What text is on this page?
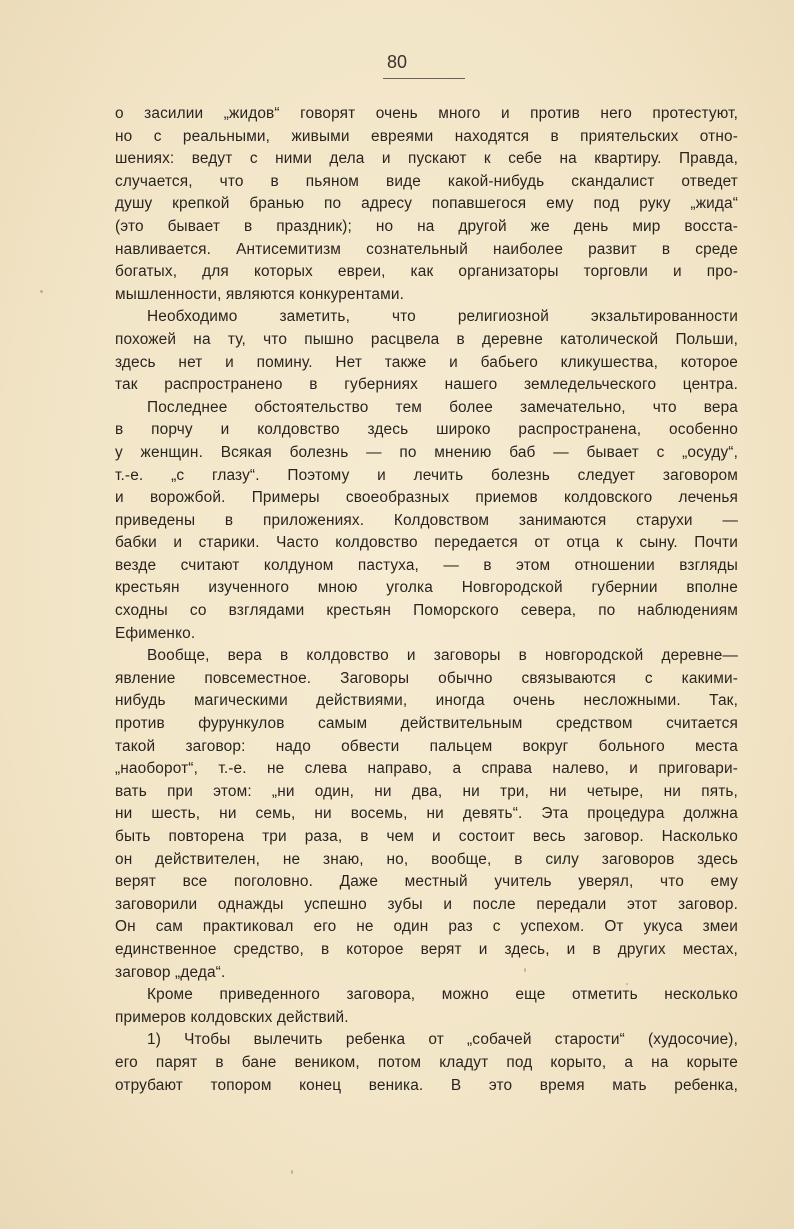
80
о засилии „жидов“ говорят очень много и против него протестуют,
но с реальными, живыми евреями находятся в приятельских отно-
шениях: ведут с ними дела и пускают к себе на квартиру. Правда,
случается, что в пьяном виде какой-нибудь скандалист отведет
душу крепкой бранью по адресу попавшегося ему под руку „жида“
(это бывает в праздник); но на другой же день мир восста-
навливается. Антисемитизм сознательный наиболее развит в среде
богатых, для которых евреи, как организаторы торговли и про-
мышленности, являются конкурентами.
Необходимо заметить, что религиозной экзальтированности
похожей на ту, что пышно расцвела в деревне католической Польши,
здесь нет и помину. Нет также и бабьего кликушества, которое
так распространено в губерниях нашего земледельческого центра.
Последнее обстоятельство тем более замечательно, что вера
в порчу и колдовство здесь широко распространена, особенно
у женщин. Всякая болезнь — по мнению баб — бывает с „осуду“,
т.-е. „с глазу“. Поэтому и лечить болезнь следует заговором
и ворожбой. Примеры своеобразных приемов колдовского леченья
приведены в приложениях. Колдовством занимаются старухи —
бабки и старики. Часто колдовство передается от отца к сыну. Почти
везде считают колдуном пастуха, — в этом отношении взгляды
крестьян изученного мною уголка Новгородской губернии вполне
сходны со взглядами крестьян Поморского севера, по наблюдениям
Ефименко.
Вообще, вера в колдовство и заговоры в новгородской деревне—
явление повсеместное. Заговоры обычно связываются с какими-
нибудь магическими действиями, иногда очень несложными. Так,
против фурункулов самым действительным средством считается
такой заговор: надо обвести пальцем вокруг больного места
„наоборот“, т.-е. не слева направо, а справа налево, и приговари-
вать при этом: „ни один, ни два, ни три, ни четыре, ни пять,
ни шесть, ни семь, ни восемь, ни девять“. Эта процедура должна
быть повторена три раза, в чем и состоит весь заговор. Насколько
он действителен, не знаю, но, вообще, в силу заговоров здесь
верят все поголовно. Даже местный учитель уверял, что ему
заговорили однажды успешно зубы и после передали этот заговор.
Он сам практиковал его не один раз с успехом. От укуса змеи
единственное средство, в которое верят и здесь, и в других местах,
заговор „деда“.
Кроме приведенного заговора, можно еще отметить несколько
примеров колдовских действий.
1) Чтобы вылечить ребенка от „собачей старости“ (худосочие),
его парят в бане веником, потом кладут под корыто, а на корыте
отрубают топором конец веника. В это время мать ребенка,
